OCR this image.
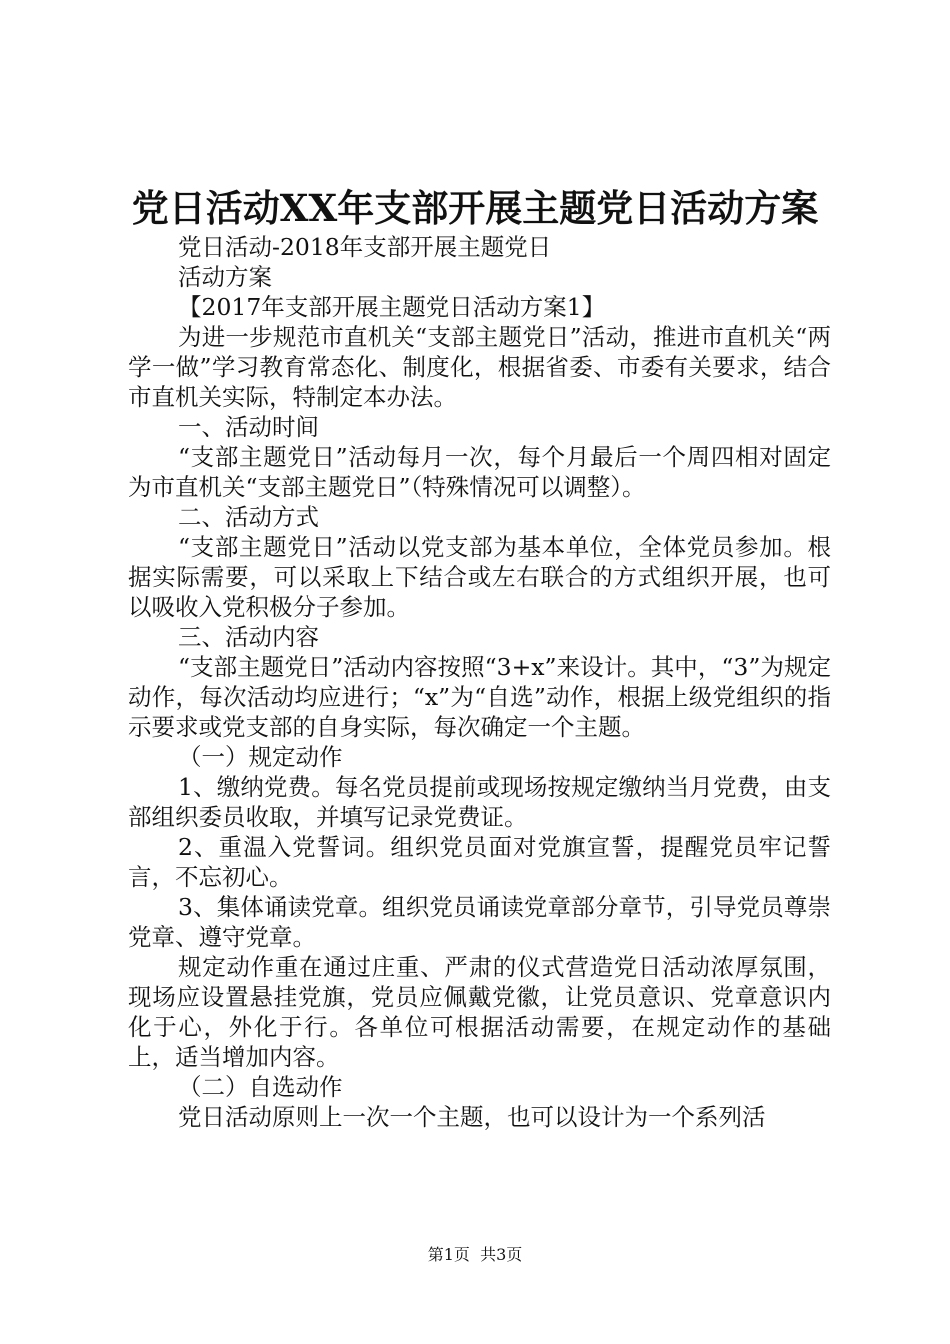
党日活动XX年支部开展主题党日活动方案

党日活动-2018年支部开展主题党日

活动方案

【2017年支部开展主题党日活动方案1】

为进一步规范市直机关“支部主题党日”活动，推进市直机关“两学一做”学习教育常态化、制度化，根据省委、市委有关要求，结合市直机关实际，特制定本办法。

一、活动时间

“支部主题党日”活动每月一次，每个月最后一个周四相对固定为市直机关“支部主题党日”（特殊情况可以调整）。

二、活动方式

“支部主题党日”活动以党支部为基本单位，全体党员参加。根据实际需要，可以采取上下结合或左右联合的方式组织开展，也可以吸收入党积极分子参加。

三、活动内容

“支部主题党日”活动内容按照“3+x”来设计。其中，“3”为规定动作，每次活动均应进行；“x”为“自选”动作，根据上级党组织的指示要求或党支部的自身实际，每次确定一个主题。

（一）规定动作

1、缴纳党费。每名党员提前或现场按规定缴纳当月党费，由支部组织委员收取，并填写记录党费证。

2、重温入党誓词。组织党员面对党旗宣誓，提醒党员牢记誓言，不忘初心。

3、集体诵读党章。组织党员诵读党章部分章节，引导党员尊崇党章、遵守党章。

规定动作重在通过庄重、严肃的仪式营造党日活动浓厚氛围，现场应设置悬挂党旗，党员应佩戴党徽，让党员意识、党章意识内化于心，外化于行。各单位可根据活动需要，在规定动作的基础上，适当增加内容。

（二）自选动作

党日活动原则上一次一个主题，也可以设计为一个系列活

第1页  共3页
